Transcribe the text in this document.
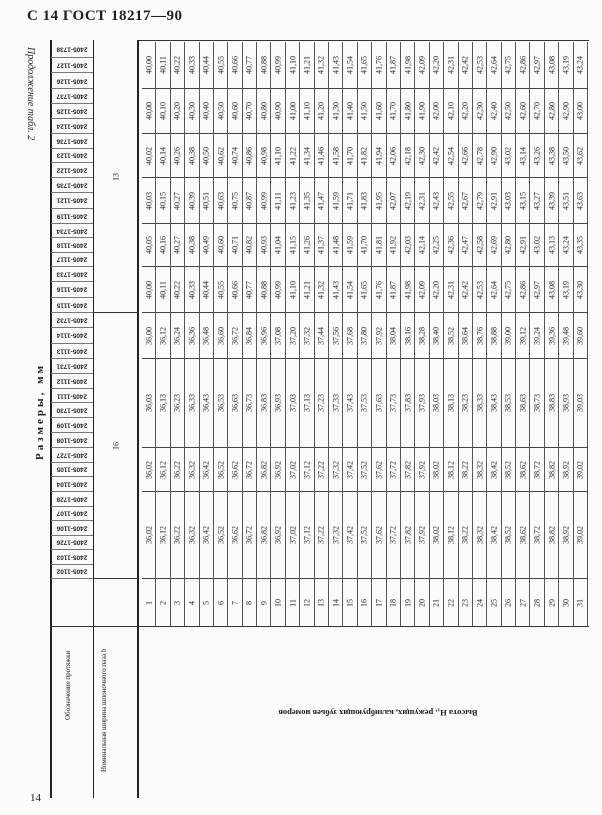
С 14 ГОСТ 18217—90
Продолжение табл. 2
Размеры, мм
14
Обозначение протяжки	Номинальная ширина шпоночного паза b	Высота H₁, режущих, калибрующих зубьев номеров
2405-1738
2405-1127
2405-1126
40,00 40,11 40,22 40,33 40,44 40,55 40,66 40,77 40,88 40,99 41,10 41,21 41,32 41,43 41,54 41,65 41,76 41,87 41,98 42,09 42,20 42,31 42,42 42,53 42,64 42,75 42,86 42,97 43,08 43,19 43,24
2405-1737
2405-1125
2405-1124
40,00 40,10 40,20 40,30 40,40 40,50 40,60 40,70 40,80 40,90 41,00 41,10 41,20 41,30 41,40 41,50 41,60 41,70 41,80 41,90 42,00 42,10 42,20 42,30 42,40 42,50 42,60 42,70 42,80 42,90 43,00
2405-1736
2405-1123
2405-1122
40,02 40,14 40,26 40,38 40,50 40,62 40,74 40,86 40,98 41,10 41,22 41,34 41,46 41,58 41,70 41,82 41,94 42,06 42,18 42,30 42,42 42,54 42,66 42,78 42,90 43,02 43,14 43,26 43,38 43,50 43,62
2405-1735
2405-1121
2405-1119
40,03 40,15 40,27 40,39 40,51 40,63 40,75 40,87 40,99 41,11 41,23 41,35 41,47 41,59 41,71 41,83 41,95 42,07 42,19 42,31 42,43 42,55 42,67 42,79 42,91 43,03 43,15 43,27 43,39 43,51 43,63
2405-1734
2405-1118
2405-1117
40,05 40,16 40,27 40,38 40,49 40,60 40,71 40,82 40,93 41,04 41,15 41,26 41,37 41,48 41,59 41,70 41,81 41,92 42,03 42,14 42,25 42,36 42,47 42,58 42,69 42,80 42,91 43,02 43,13 43,24 43,35
2405-1733
2405-1116
2405-1115
40,00 40,11 40,22 40,33 40,44 40,55 40,66 40,77 40,88 40,99 41,10 41,21 41,32 41,43 41,54 41,65 41,76 41,87 41,98 42,09 42,20 42,31 42,42 42,53 42,64 42,75 42,86 42,97 43,08 43,19 43,30
2405-1732
2405-1114
2405-1113
36,00 36,12 36,24 36,36 36,48 36,60 36,72 36,84 36,96 37,08 37,20 37,32 37,44 37,56 37,68 37,80 37,92 38,04 38,16 38,28 38,40 38,52 38,64 38,76 38,88 39,00 39,12 39,24 39,36 39,48 39,60
2405-1731
2405-1112
2405-1111
2405-1730
2405-1109
2405-1108
36,03 36,13 36,23 36,33 36,43 36,53 36,63 36,73 36,83 36,93 37,03 37,13 37,23 37,33 37,43 37,53 37,63 37,73 37,83 37,93 38,03 38,13 38,23 38,33 38,43 38,53 38,63 38,73 38,83 38,93 39,03
2405-1727
2405-1105
2405-1104
36,02 36,12 36,22 36,32 36,42 36,52 36,62 36,72 36,82 36,92 37,02 37,12 37,22 37,32 37,42 37,52 37,62 37,72 37,82 37,92 38,02 38,12 38,22 38,32 38,42 38,52 38,62 38,72 38,82 38,92 39,02
2405-1728
2405-1107
2405-1106
2405-1726
2405-1103
2405-1102
36,02 36,12 36,22 36,32 36,42 36,52 36,62 36,72 36,82 36,92 37,02 37,12 37,22 37,32 37,42 37,52 37,62 37,72 37,82 37,92 38,02 38,12 38,22 38,32 38,42 38,52 38,62 38,72 38,82 38,92 39,02
13
16
1 2 3 4 5 6 7 8 9 10 11 12 13 14 15 16 17 18 19 20 21 22 23 24 25 26 27 28 29 30 31
